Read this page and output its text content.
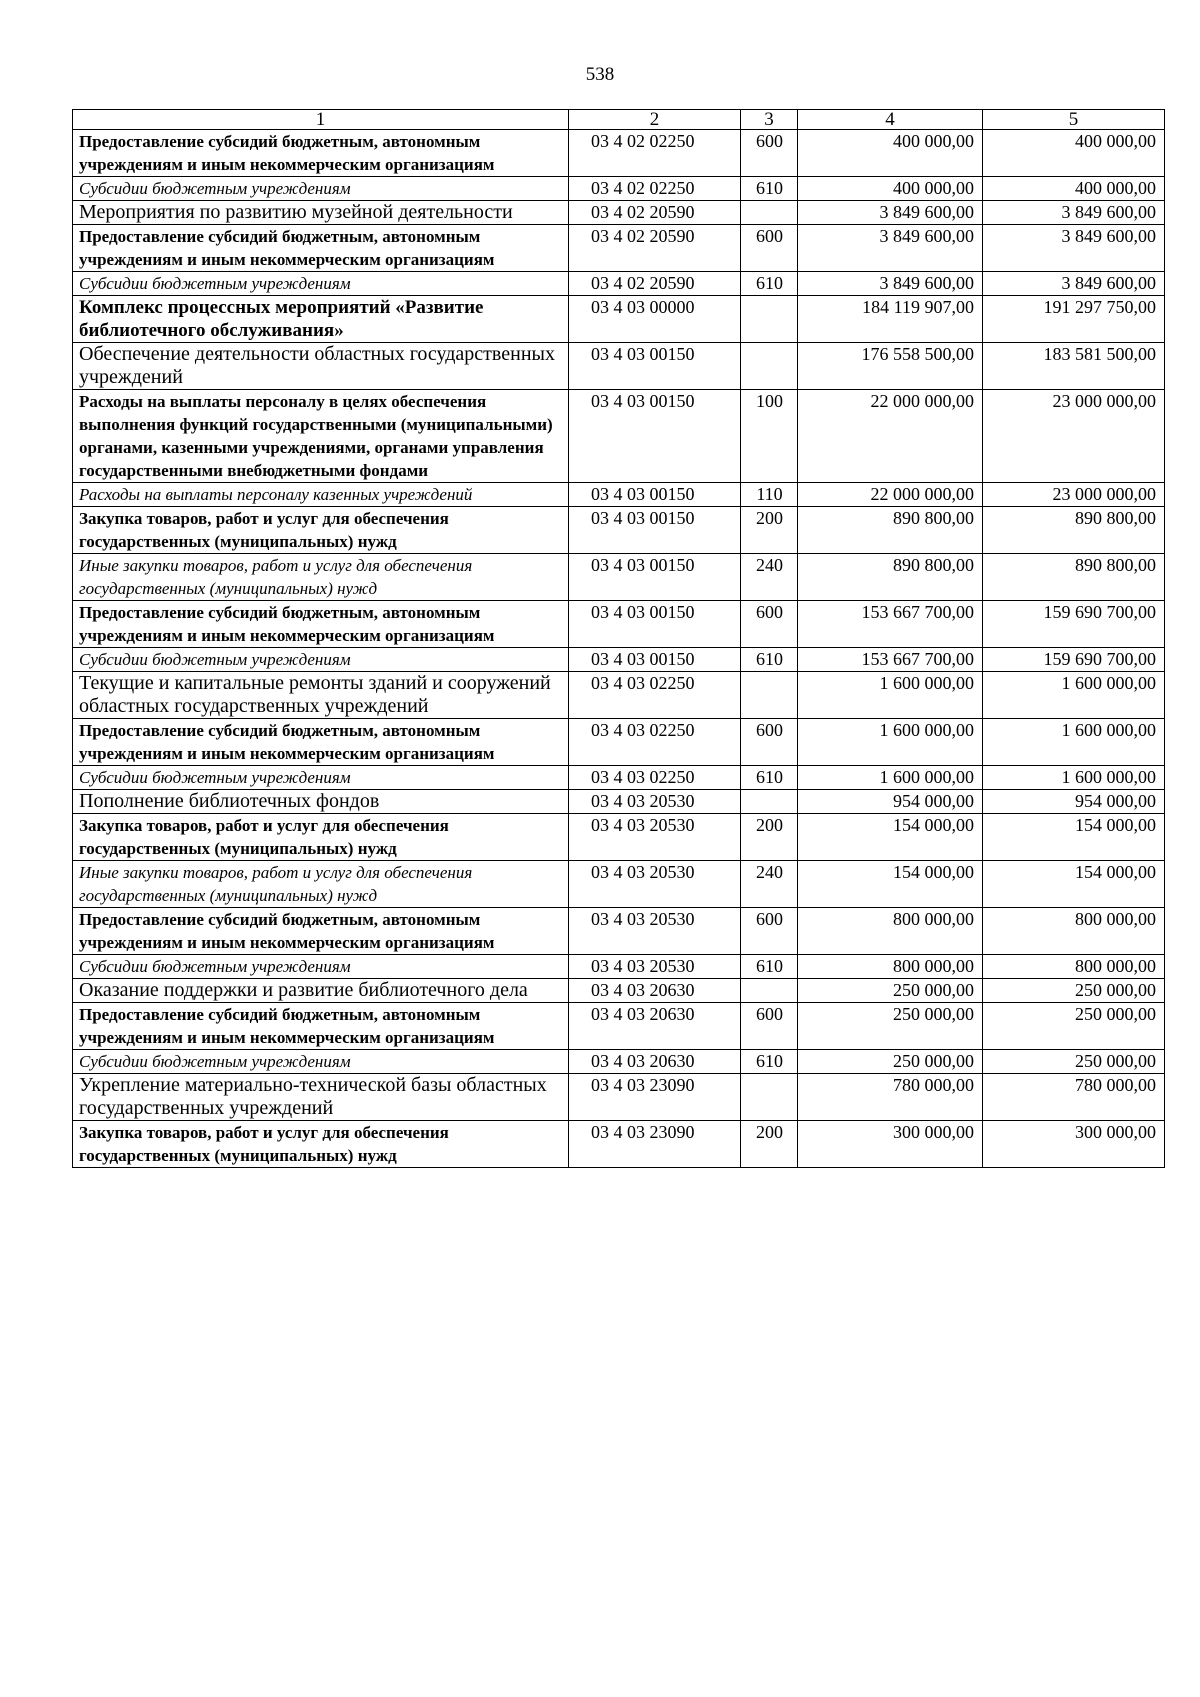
538
1	2	3	4	5
Предоставление субсидий бюджетным, автономным учреждениям и иным некоммерческим организациям	03 4 02 02250	600	400 000,00	400 000,00
Субсидии бюджетным учреждениям	03 4 02 02250	610	400 000,00	400 000,00
Мероприятия по развитию музейной деятельности	03 4 02 20590		3 849 600,00	3 849 600,00
Предоставление субсидий бюджетным, автономным учреждениям и иным некоммерческим организациям	03 4 02 20590	600	3 849 600,00	3 849 600,00
Субсидии бюджетным учреждениям	03 4 02 20590	610	3 849 600,00	3 849 600,00
Комплекс процессных мероприятий «Развитие библиотечного обслуживания»	03 4 03 00000		184 119 907,00	191 297 750,00
Обеспечение деятельности областных государственных учреждений	03 4 03 00150		176 558 500,00	183 581 500,00
Расходы на выплаты персоналу в целях обеспечения выполнения функций государственными (муниципальными) органами, казенными учреждениями, органами управления государственными внебюджетными фондами	03 4 03 00150	100	22 000 000,00	23 000 000,00
Расходы на выплаты персоналу казенных учреждений	03 4 03 00150	110	22 000 000,00	23 000 000,00
Закупка товаров, работ и услуг для обеспечения государственных (муниципальных) нужд	03 4 03 00150	200	890 800,00	890 800,00
Иные закупки товаров, работ и услуг для обеспечения государственных (муниципальных) нужд	03 4 03 00150	240	890 800,00	890 800,00
Предоставление субсидий бюджетным, автономным учреждениям и иным некоммерческим организациям	03 4 03 00150	600	153 667 700,00	159 690 700,00
Субсидии бюджетным учреждениям	03 4 03 00150	610	153 667 700,00	159 690 700,00
Текущие и капитальные ремонты зданий и сооружений областных государственных учреждений	03 4 03 02250		1 600 000,00	1 600 000,00
Предоставление субсидий бюджетным, автономным учреждениям и иным некоммерческим организациям	03 4 03 02250	600	1 600 000,00	1 600 000,00
Субсидии бюджетным учреждениям	03 4 03 02250	610	1 600 000,00	1 600 000,00
Пополнение библиотечных фондов	03 4 03 20530		954 000,00	954 000,00
Закупка товаров, работ и услуг для обеспечения государственных (муниципальных) нужд	03 4 03 20530	200	154 000,00	154 000,00
Иные закупки товаров, работ и услуг для обеспечения государственных (муниципальных) нужд	03 4 03 20530	240	154 000,00	154 000,00
Предоставление субсидий бюджетным, автономным учреждениям и иным некоммерческим организациям	03 4 03 20530	600	800 000,00	800 000,00
Субсидии бюджетным учреждениям	03 4 03 20530	610	800 000,00	800 000,00
Оказание поддержки и развитие библиотечного дела	03 4 03 20630		250 000,00	250 000,00
Предоставление субсидий бюджетным, автономным учреждениям и иным некоммерческим организациям	03 4 03 20630	600	250 000,00	250 000,00
Субсидии бюджетным учреждениям	03 4 03 20630	610	250 000,00	250 000,00
Укрепление материально-технической базы областных государственных учреждений	03 4 03 23090		780 000,00	780 000,00
Закупка товаров, работ и услуг для обеспечения государственных (муниципальных) нужд	03 4 03 23090	200	300 000,00	300 000,00
